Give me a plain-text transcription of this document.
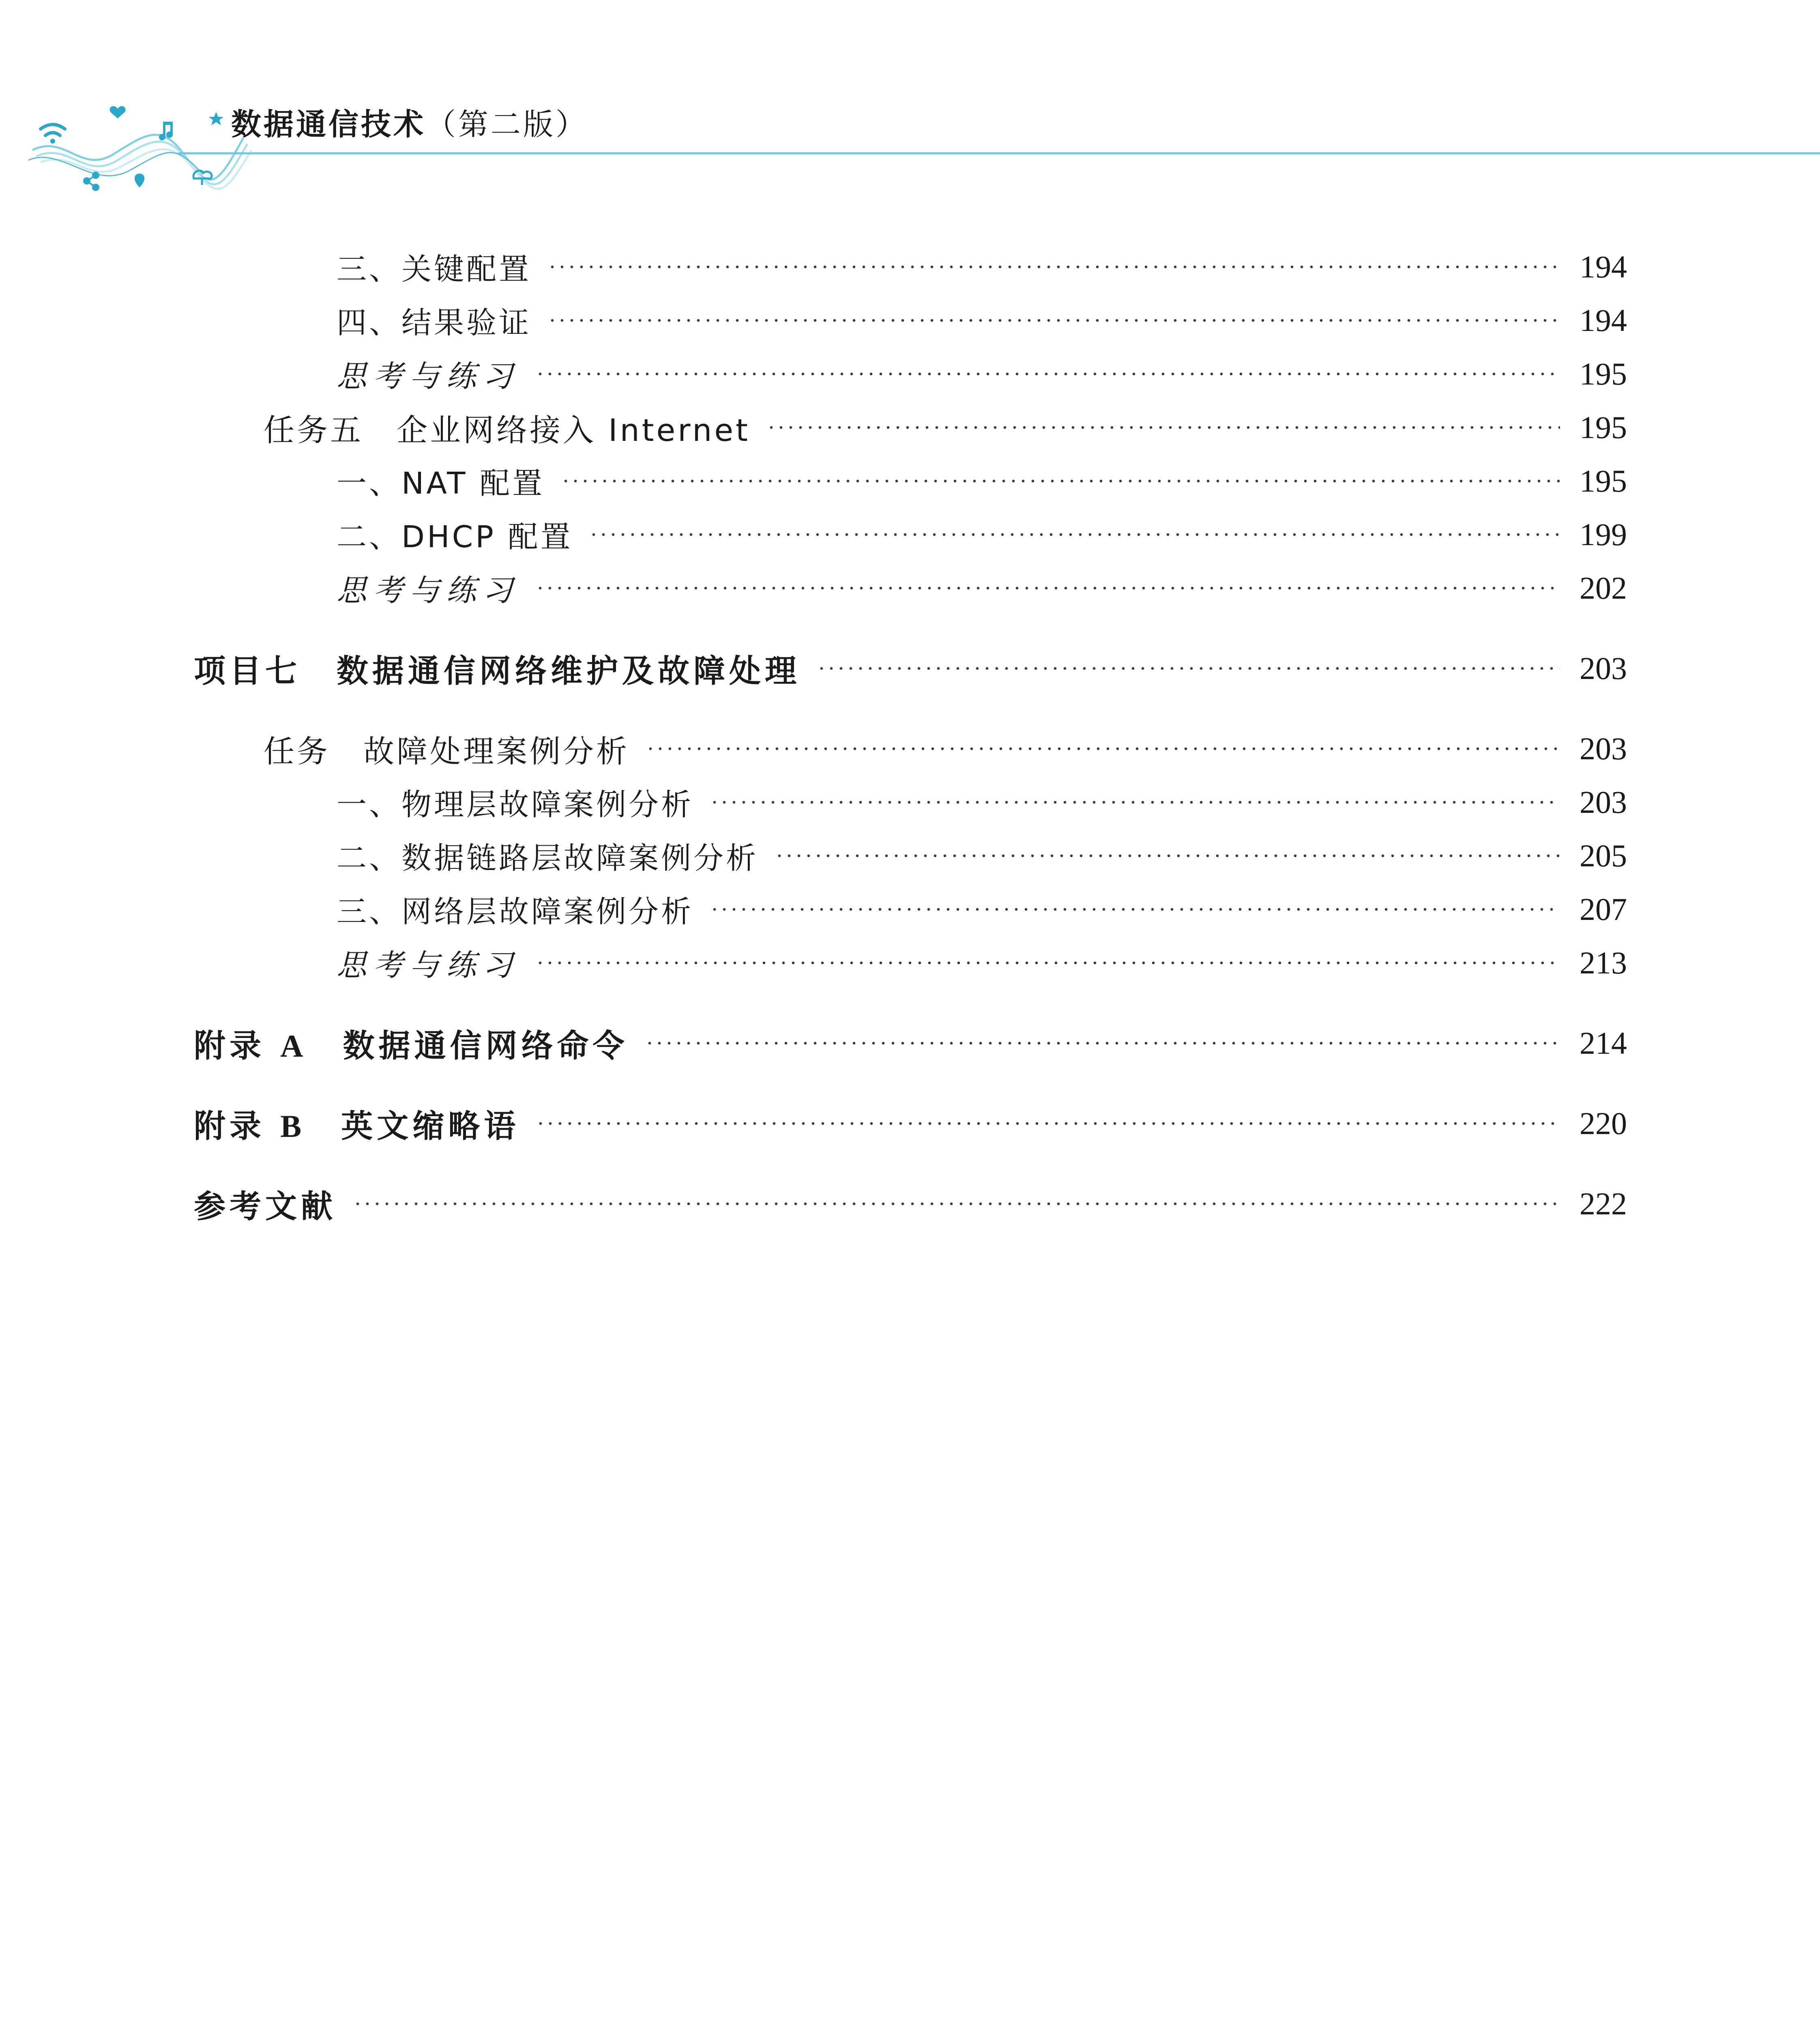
数据通信技术（第二版）
三、关键配置	194
四、结果验证	194
思考与练习	195
任务五　企业网络接入 Internet	195
一、NAT 配置	195
二、DHCP 配置	199
思考与练习	202
项目七　数据通信网络维护及故障处理	203
任务　故障处理案例分析	203
一、物理层故障案例分析	203
二、数据链路层故障案例分析	205
三、网络层故障案例分析	207
思考与练习	213
附录 A　数据通信网络命令	214
附录 B　英文缩略语	220
参考文献	222
